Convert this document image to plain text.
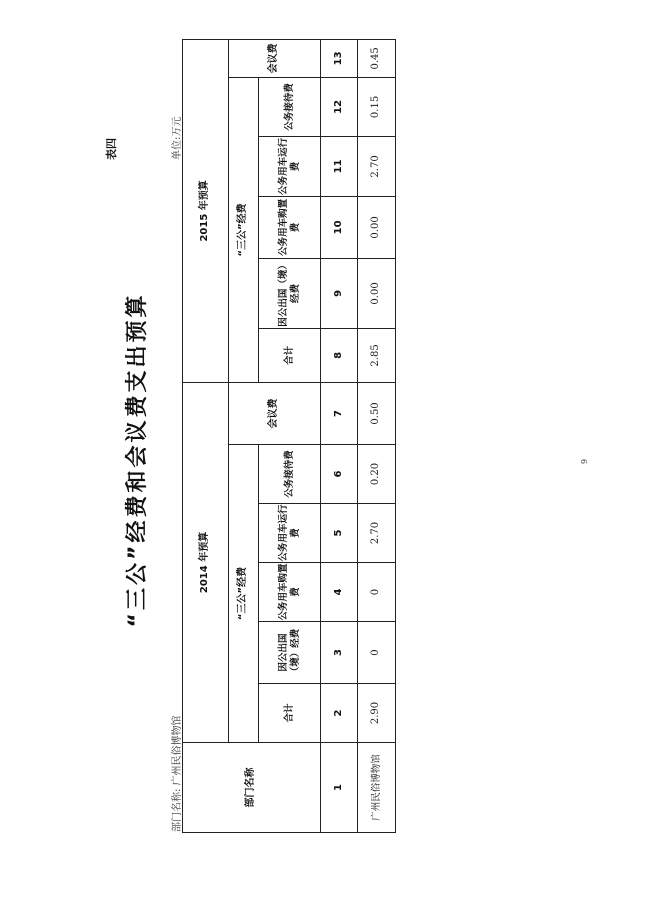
表四
“三公”经费和会议费支出预算
部门名称: 广州民俗博物馆
单位:万元
部门名称	2014 年预算						2015 年预算					
	“三公”经费					会议费	“三公”经费					会议费
	合计	因公出国（境）经费	公务用车购置费	公务用车运行费	公务接待费		合计	因公出国（境）经费	公务用车购置费	公务用车运行费	公务接待费	
1	2	3	4	5	6	7	8	9	10	11	12	13
广州民俗博物馆	2.90	0	0	2.70	0.20	0.50	2.85	0.00	0.00	2.70	0.15	0.45
9
